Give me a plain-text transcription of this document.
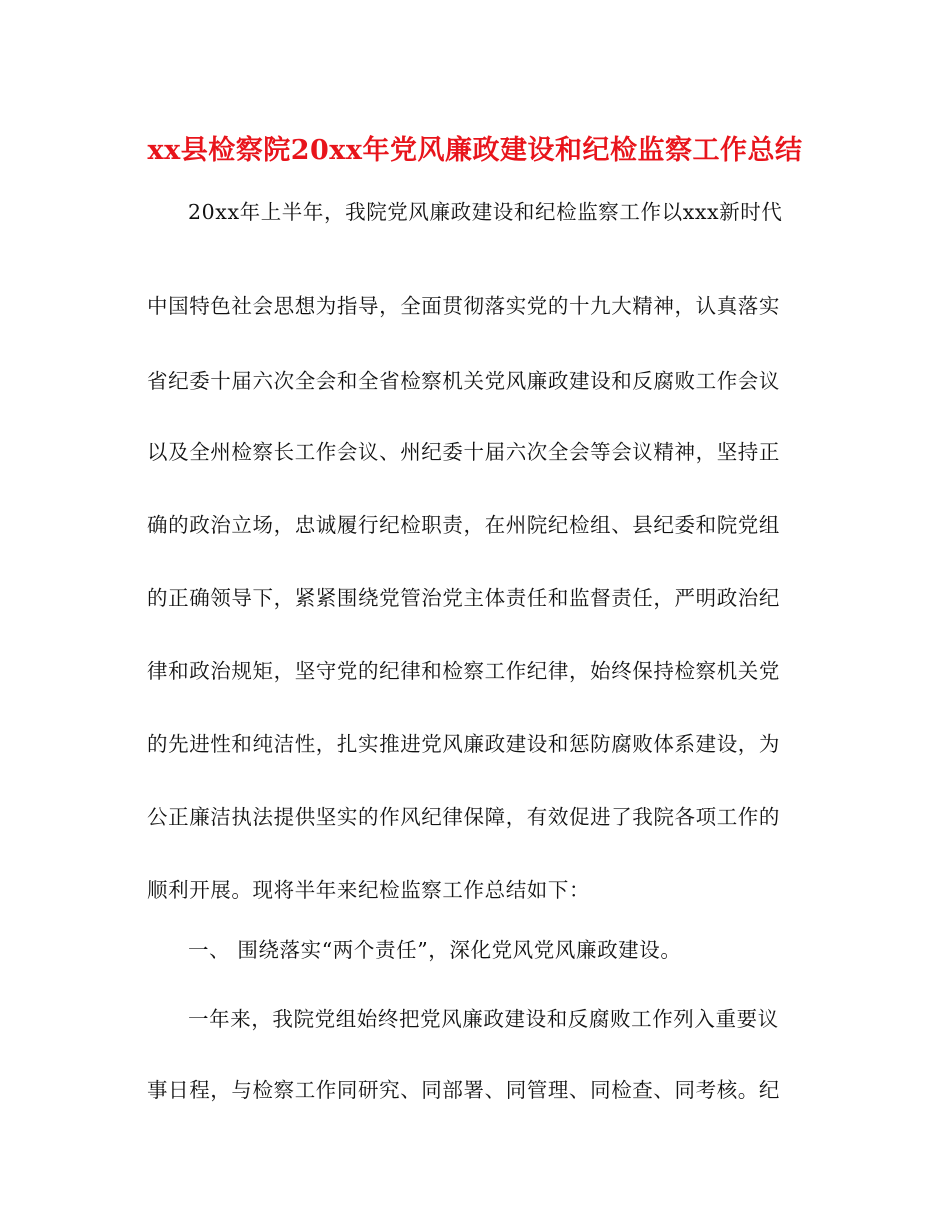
xx县检察院20xx年党风廉政建设和纪检监察工作总结
20xx年上半年，我院党风廉政建设和纪检监察工作以xxx新时代
中国特色社会思想为指导，全面贯彻落实党的十九大精神，认真落实
省纪委十届六次全会和全省检察机关党风廉政建设和反腐败工作会议
以及全州检察长工作会议、州纪委十届六次全会等会议精神，坚持正
确的政治立场，忠诚履行纪检职责，在州院纪检组、县纪委和院党组
的正确领导下，紧紧围绕党管治党主体责任和监督责任，严明政治纪
律和政治规矩，坚守党的纪律和检察工作纪律，始终保持检察机关党
的先进性和纯洁性，扎实推进党风廉政建设和惩防腐败体系建设，为
公正廉洁执法提供坚实的作风纪律保障，有效促进了我院各项工作的
顺利开展。现将半年来纪检监察工作总结如下：
一、 围绕落实“两个责任”，深化党风党风廉政建设。
一年来，我院党组始终把党风廉政建设和反腐败工作列入重要议
事日程，与检察工作同研究、同部署、同管理、同检查、同考核。纪
